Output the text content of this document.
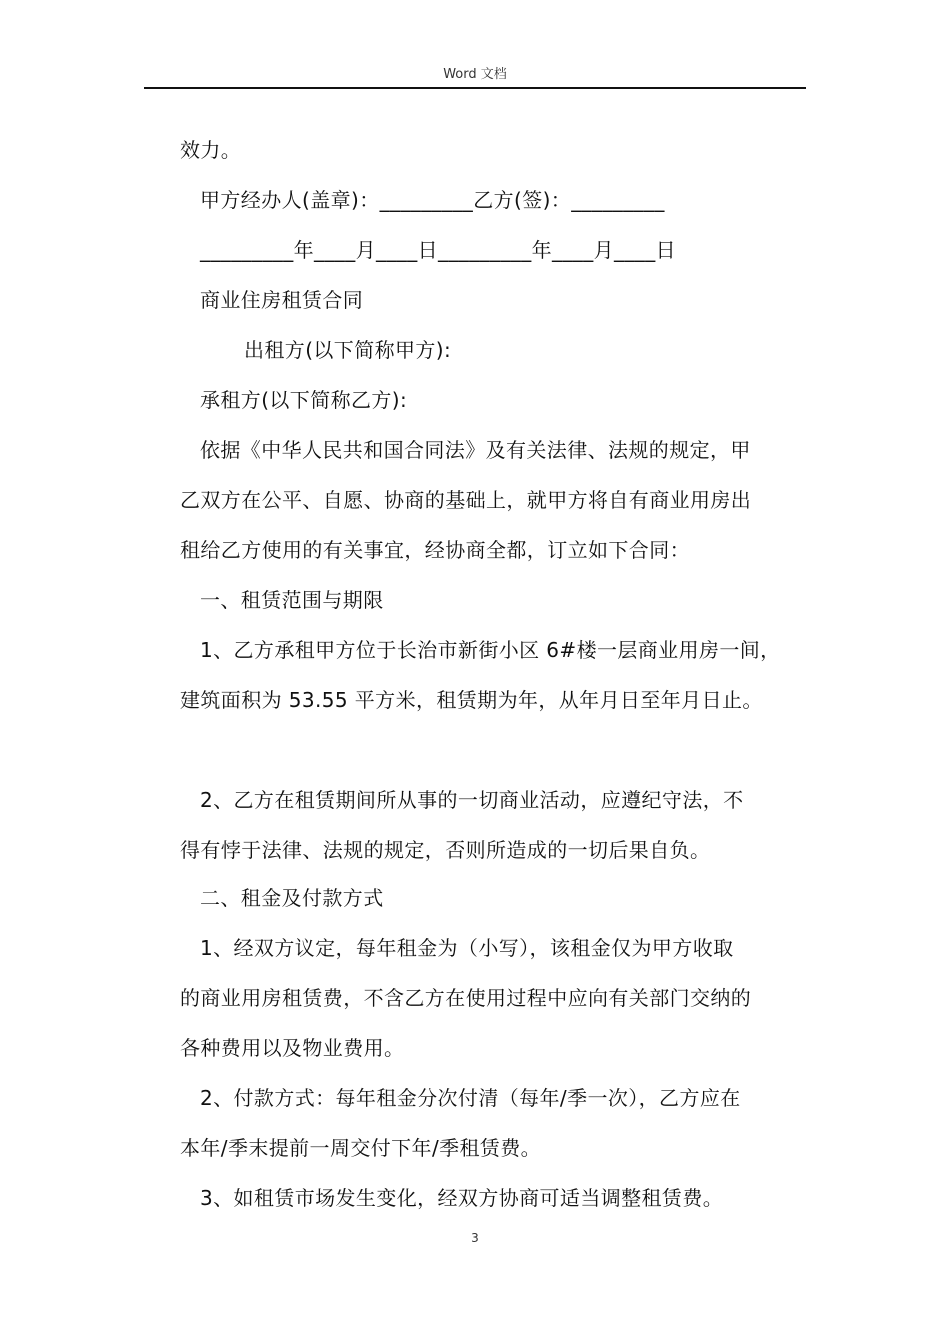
Word 文档
效力。
甲方经办人(盖章)：_________乙方(签)：_________
_________年____月____日_________年____月____日
商业住房租赁合同
出租方(以下简称甲方):
承租方(以下简称乙方):
依据《中华人民共和国合同法》及有关法律、法规的规定，甲
乙双方在公平、自愿、协商的基础上，就甲方将自有商业用房出
租给乙方使用的有关事宜，经协商全都，订立如下合同：
一、租赁范围与期限
1、乙方承租甲方位于长治市新街小区 6#楼一层商业用房一间，
建筑面积为 53.55 平方米，租赁期为年，从年月日至年月日止。
2、乙方在租赁期间所从事的一切商业活动，应遵纪守法，不
得有悖于法律、法规的规定，否则所造成的一切后果自负。
二、租金及付款方式
1、经双方议定，每年租金为（小写），该租金仅为甲方收取
的商业用房租赁费，不含乙方在使用过程中应向有关部门交纳的
各种费用以及物业费用。
2、付款方式：每年租金分次付清（每年/季一次），乙方应在
本年/季末提前一周交付下年/季租赁费。
3、如租赁市场发生变化，经双方协商可适当调整租赁费。
3
